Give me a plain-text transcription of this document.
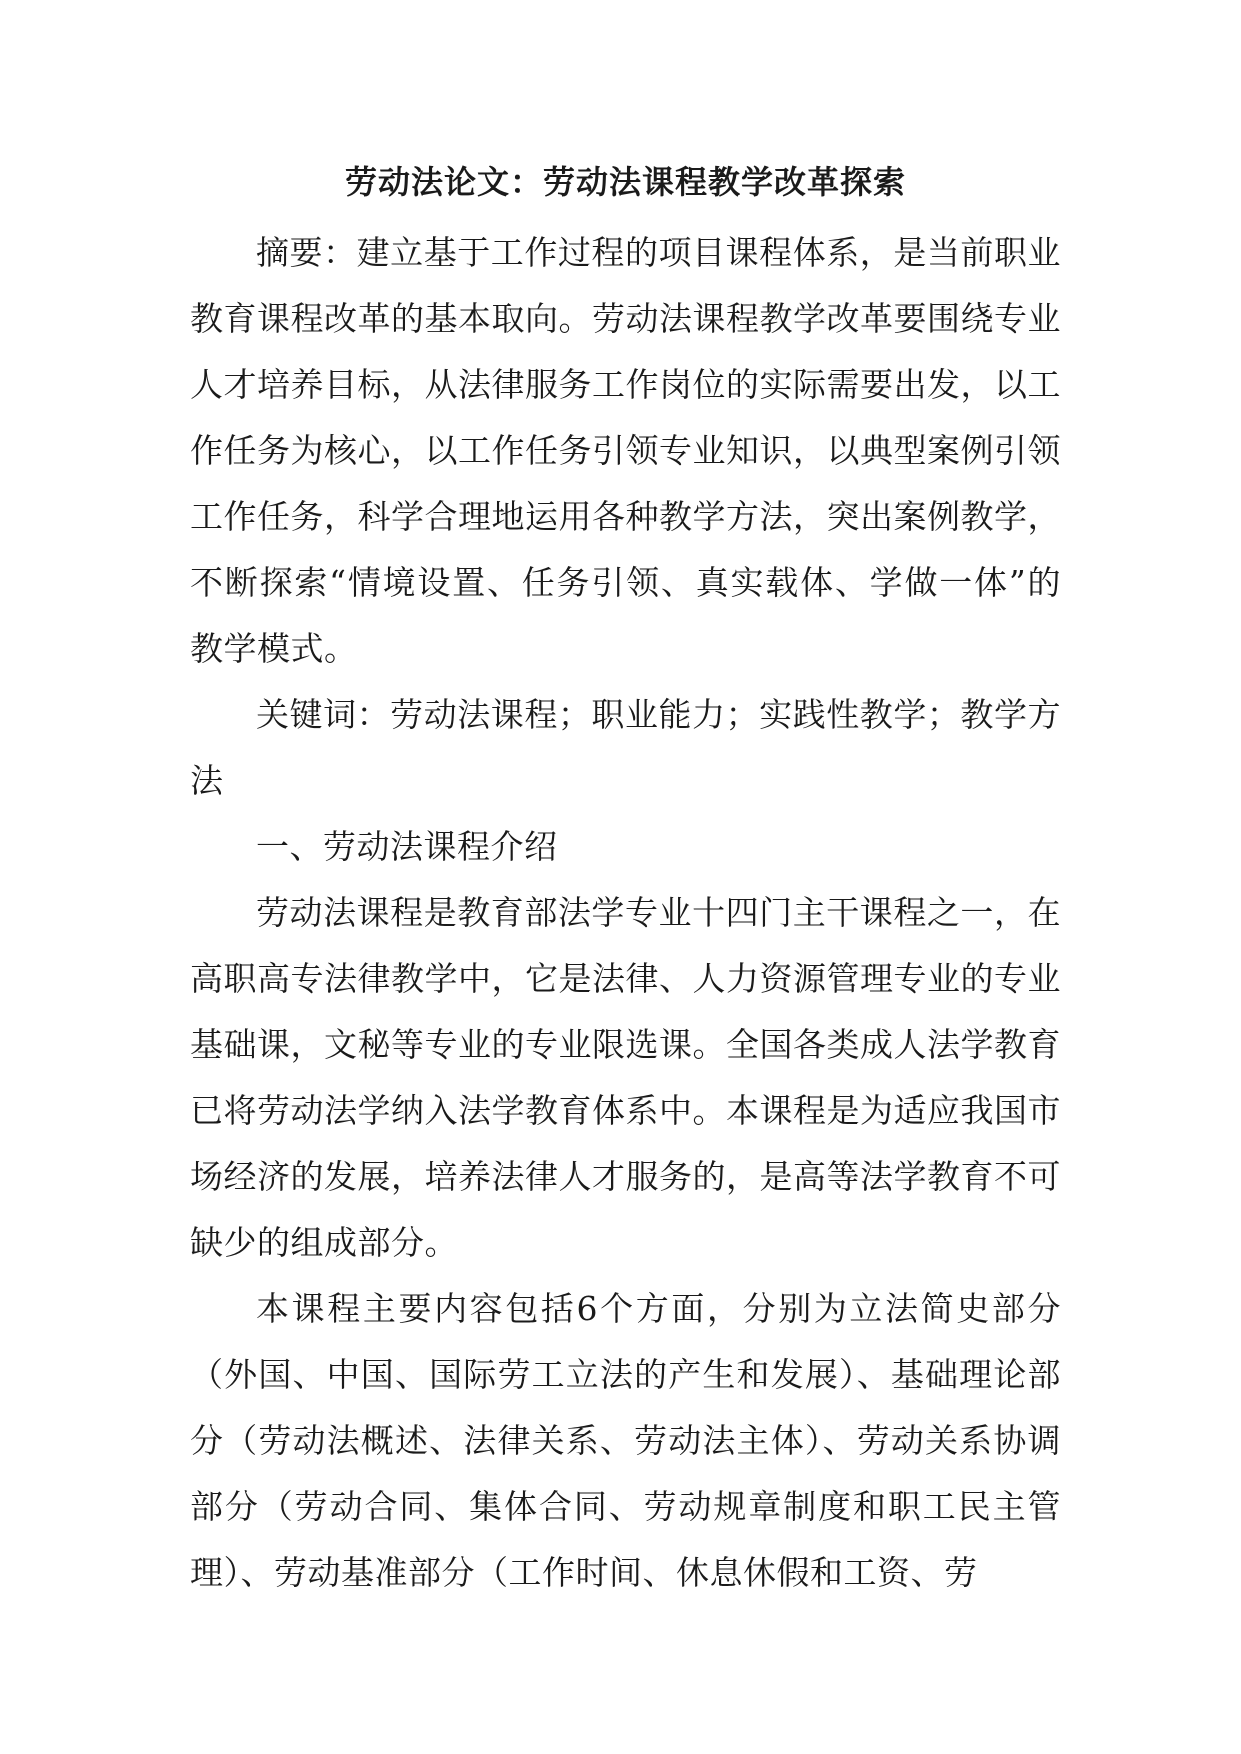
劳动法论文：劳动法课程教学改革探索

摘要：建立基于工作过程的项目课程体系，是当前职业教育课程改革的基本取向。劳动法课程教学改革要围绕专业人才培养目标，从法律服务工作岗位的实际需要出发，以工作任务为核心，以工作任务引领专业知识，以典型案例引领工作任务，科学合理地运用各种教学方法，突出案例教学，不断探索“情境设置、任务引领、真实载体、学做一体”的教学模式。

关键词：劳动法课程；职业能力；实践性教学；教学方法

一、劳动法课程介绍

劳动法课程是教育部法学专业十四门主干课程之一，在高职高专法律教学中，它是法律、人力资源管理专业的专业基础课，文秘等专业的专业限选课。全国各类成人法学教育已将劳动法学纳入法学教育体系中。本课程是为适应我国市场经济的发展，培养法律人才服务的，是高等法学教育不可缺少的组成部分。

本课程主要内容包括6个方面，分别为立法简史部分（外国、中国、国际劳工立法的产生和发展）、基础理论部分（劳动法概述、法律关系、劳动法主体）、劳动关系协调部分（劳动合同、集体合同、劳动规章制度和职工民主管理）、劳动基准部分（工作时间、休息休假和工资、劳
